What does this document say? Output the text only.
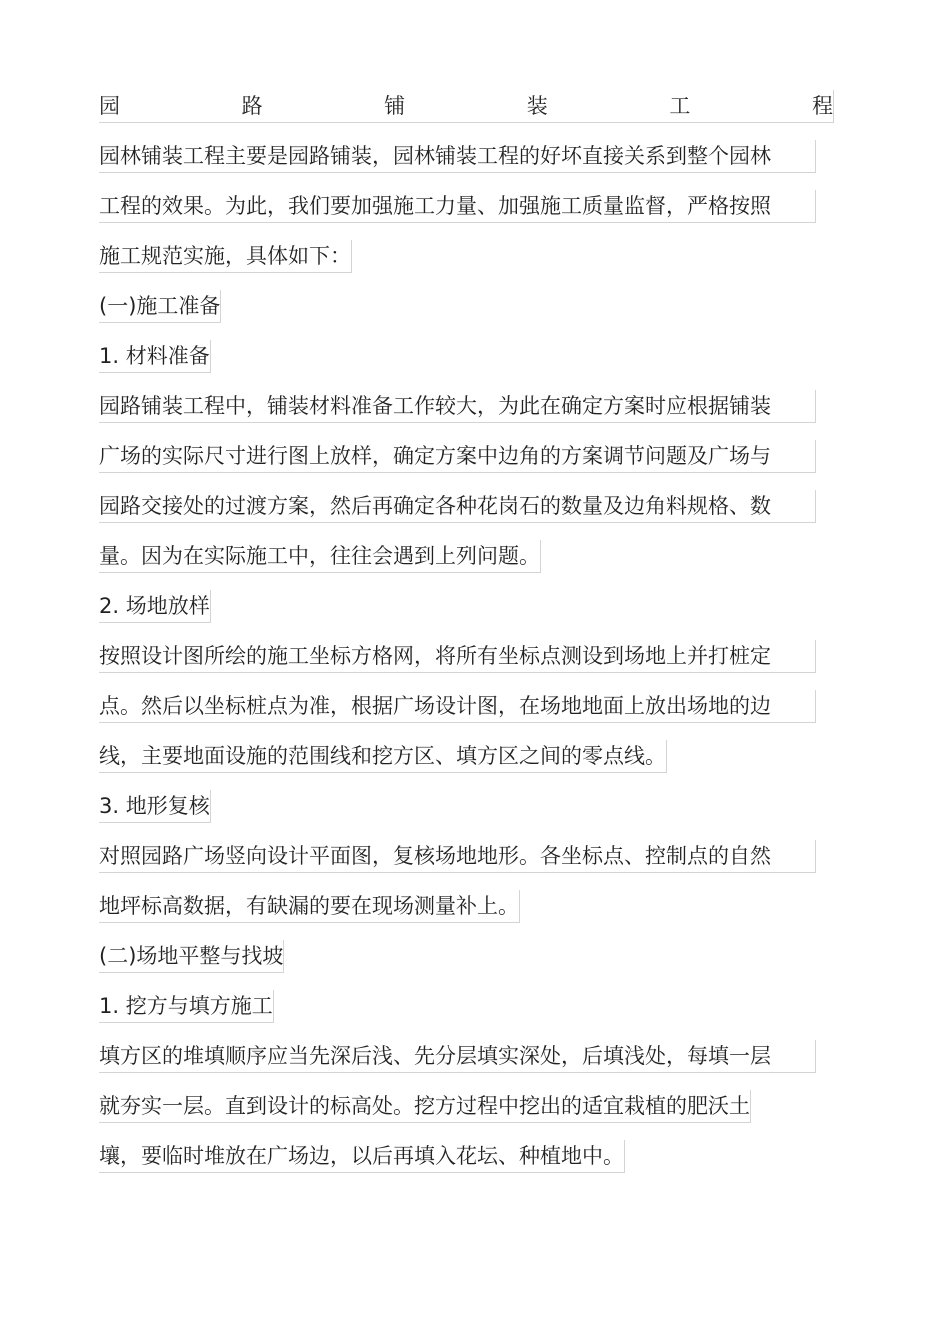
园	路	铺	装	工	程
园林铺装工程主要是园路铺装，园林铺装工程的好坏直接关系到整个园林
工程的效果。为此，我们要加强施工力量、加强施工质量监督，严格按照
施工规范实施，具体如下：
(一)施工准备
1. 材料准备
园路铺装工程中，铺装材料准备工作较大，为此在确定方案时应根据铺装
广场的实际尺寸进行图上放样，确定方案中边角的方案调节问题及广场与
园路交接处的过渡方案，然后再确定各种花岗石的数量及边角料规格、数
量。因为在实际施工中，往往会遇到上列问题。
2. 场地放样
按照设计图所绘的施工坐标方格网，将所有坐标点测设到场地上并打桩定
点。然后以坐标桩点为准，根据广场设计图，在场地地面上放出场地的边
线，主要地面设施的范围线和挖方区、填方区之间的零点线。
3. 地形复核
对照园路广场竖向设计平面图，复核场地地形。各坐标点、控制点的自然
地坪标高数据，有缺漏的要在现场测量补上。
(二)场地平整与找坡
1. 挖方与填方施工
填方区的堆填顺序应当先深后浅、先分层填实深处，后填浅处，每填一层
就夯实一层。直到设计的标高处。挖方过程中挖出的适宜栽植的肥沃土
壤，要临时堆放在广场边，以后再填入花坛、种植地中。
